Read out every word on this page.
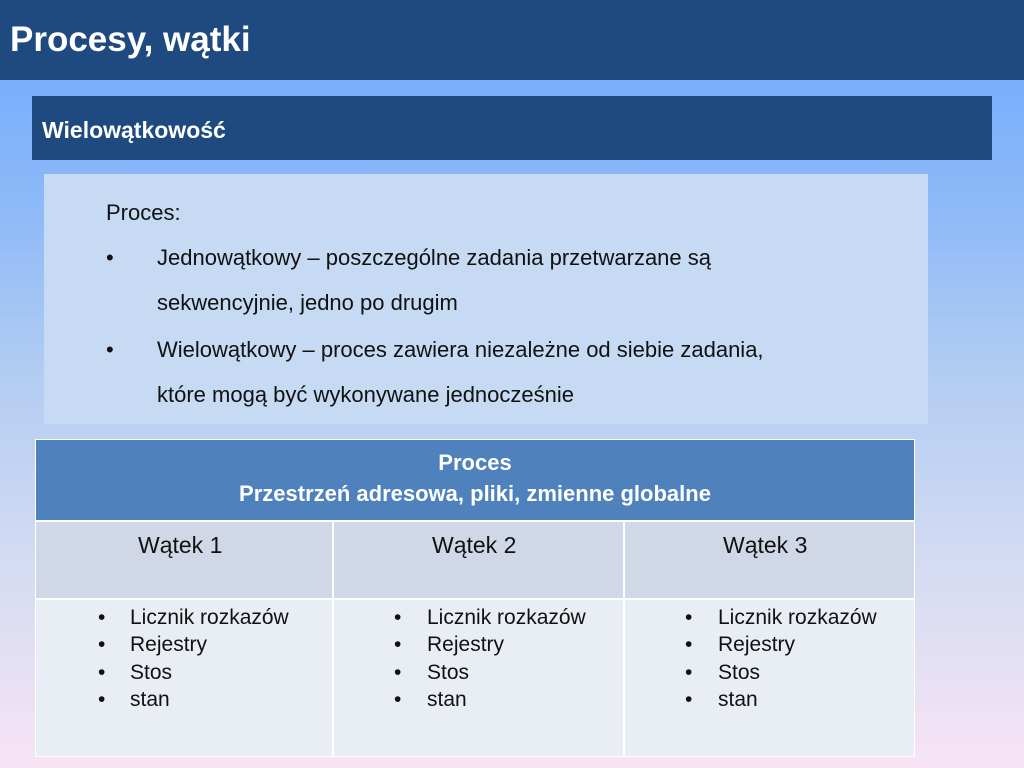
Procesy, wątki
Wielowątkowość
Proces:
• Jednowątkowy – poszczególne zadania przetwarzane są
sekwencyjnie, jedno po drugim
• Wielowątkowy – proces zawiera niezależne od siebie zadania,
które mogą być wykonywane jednocześnie
Proces
Przestrzeń adresowa, pliki, zmienne globalne
Wątek 1	Wątek 2	Wątek 3
• Licznik rozkazów
• Rejestry
• Stos
• stan
• Licznik rozkazów
• Rejestry
• Stos
• stan
• Licznik rozkazów
• Rejestry
• Stos
• stan
